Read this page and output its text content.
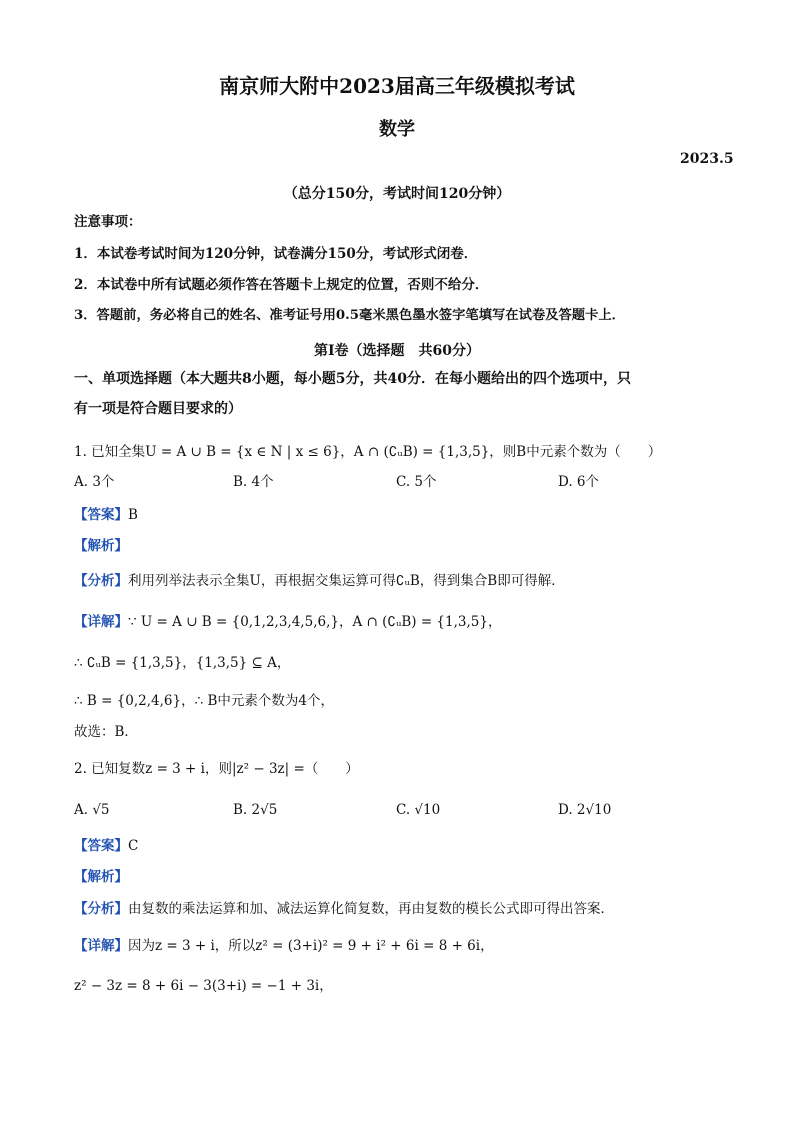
南京师大附中2023届高三年级模拟考试
数学
2023.5
（总分150分，考试时间120分钟）
注意事项：
1．本试卷考试时间为120分钟，试卷满分150分，考试形式闭卷．
2．本试卷中所有试题必须作答在答题卡上规定的位置，否则不给分．
3．答题前，务必将自己的姓名、准考证号用0.5毫米黑色墨水签字笔填写在试卷及答题卡上．
第Ⅰ卷（选择题　共60分）
一、单项选择题（本大题共8小题，每小题5分，共40分．在每小题给出的四个选项中，只
有一项是符合题目要求的）
1. 已知全集U = A ∪ B = {x ∈ N | x ≤ 6}，A ∩ (∁ᵤB) = {1,3,5}，则B中元素个数为（　　）
A. 3个	B. 4个	C. 5个	D. 6个
【答案】B
【解析】
【分析】利用列举法表示全集U，再根据交集运算可得∁ᵤB，得到集合B即可得解．
【详解】∵ U = A ∪ B = {0,1,2,3,4,5,6,}，A ∩ (∁ᵤB) = {1,3,5}，
∴ ∁ᵤB = {1,3,5}，{1,3,5} ⊆ A，
∴ B = {0,2,4,6}，∴ B中元素个数为4个，
故选：B．
2. 已知复数z = 3 + i，则|z² − 3z| =（　　）
A. √5	B. 2√5	C. √10	D. 2√10
【答案】C
【解析】
【分析】由复数的乘法运算和加、减法运算化简复数，再由复数的模长公式即可得出答案．
【详解】因为z = 3 + i，所以z² = (3+i)² = 9 + i² + 6i = 8 + 6i，
z² − 3z = 8 + 6i − 3(3+i) = −1 + 3i，
